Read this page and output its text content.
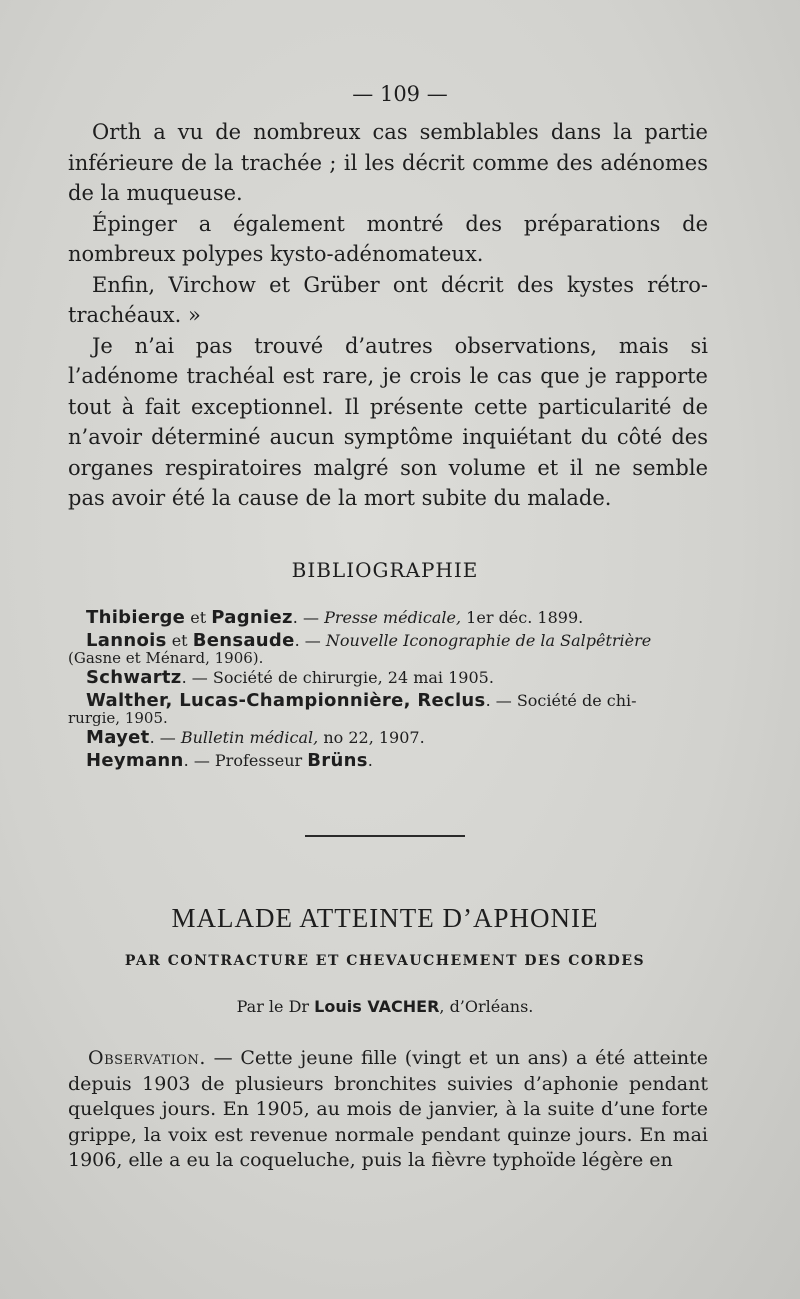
— 109 —

Orth a vu de nombreux cas semblables dans la partie inférieure de la trachée ; il les décrit comme des adénomes de la muqueuse.

Épinger a également montré des préparations de nombreux polypes kysto-adénomateux.

Enfin, Virchow et Grüber ont décrit des kystes rétro-trachéaux. »

Je n’ai pas trouvé d’autres observations, mais si l’adénome trachéal est rare, je crois le cas que je rapporte tout à fait exceptionnel. Il présente cette particularité de n’avoir déterminé aucun symptôme inquiétant du côté des organes respiratoires malgré son volume et il ne semble pas avoir été la cause de la mort subite du malade.

BIBLIOGRAPHIE
Thibierge et Pagniez. — Presse médicale, 1er déc. 1899.
Lannois et Bensaude. — Nouvelle Iconographie de la Salpêtrière
(Gasne et Ménard, 1906).
Schwartz. — Société de chirurgie, 24 mai 1905.
Walther, Lucas-Championnière, Reclus. — Société de chi-
rurgie, 1905.
Mayet. — Bulletin médical, no 22, 1907.
Heymann. — Professeur Brüns.
MALADE ATTEINTE D’APHONIE
PAR CONTRACTURE ET CHEVAUCHEMENT DES CORDES
Par le Dr Louis VACHER, d’Orléans.

Observation. — Cette jeune fille (vingt et un ans) a été atteinte depuis 1903 de plusieurs bronchites suivies d’aphonie pendant quelques jours. En 1905, au mois de janvier, à la suite d’une forte grippe, la voix est revenue normale pendant quinze jours. En mai 1906, elle a eu la coqueluche, puis la fièvre typhoïde légère en
